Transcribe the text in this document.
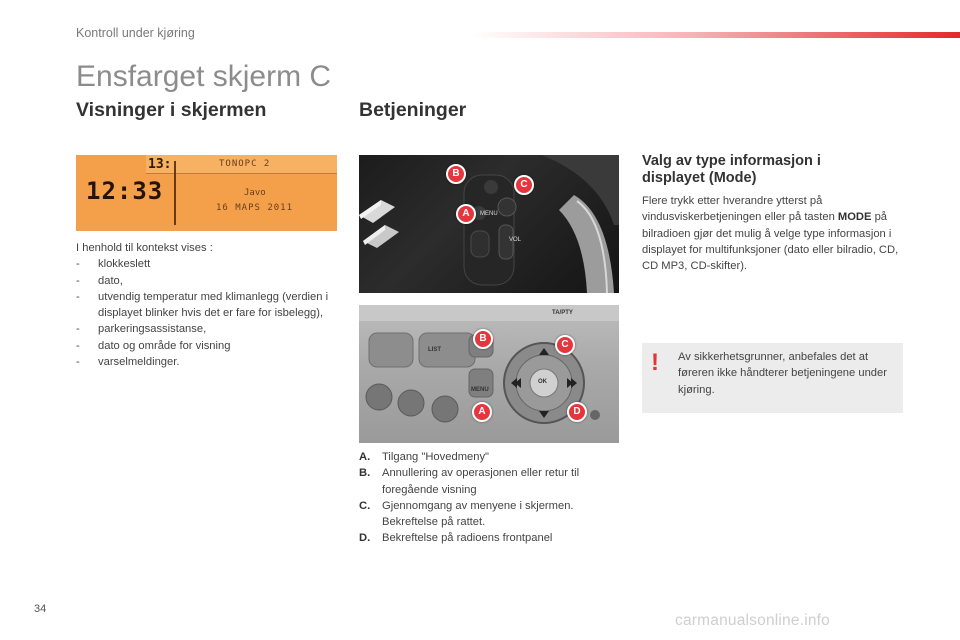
Kontroll under kjøring
Ensfarget skjerm C
Visninger i skjermen
13:	TONOPC 2
12:33	Javo
16 MAPS 2011
I henhold til kontekst vises :
- klokkeslett
- dato,
- utvendig temperatur med klimanlegg (verdien i displayet blinker hvis det er fare for isbelegg),
- parkeringsassistanse,
- dato og område for visning
- varselmeldinger.
Betjeninger
MENU
VOL
A
B
C
TA/PTY
LIST
MENU
OK
A
B
C
D
A.	Tilgang "Hovedmeny"
B.	Annullering av operasjonen eller retur til foregående visning
C.	Gjennomgang av menyene i skjermen. Bekreftelse på rattet.
D.	Bekreftelse på radioens frontpanel
Valg av type informasjon i displayet (Mode)
Flere trykk etter hverandre ytterst på vindusviskerbetjeningen eller på tasten MODE på bilradioen gjør det mulig å velge type informasjon i displayet for multifunksjoner (dato eller bilradio, CD, CD MP3, CD-skifter).
! Av sikkerhetsgrunner, anbefales det at føreren ikke håndterer betjeningene under kjøring.
34
carmanualsonline.info
